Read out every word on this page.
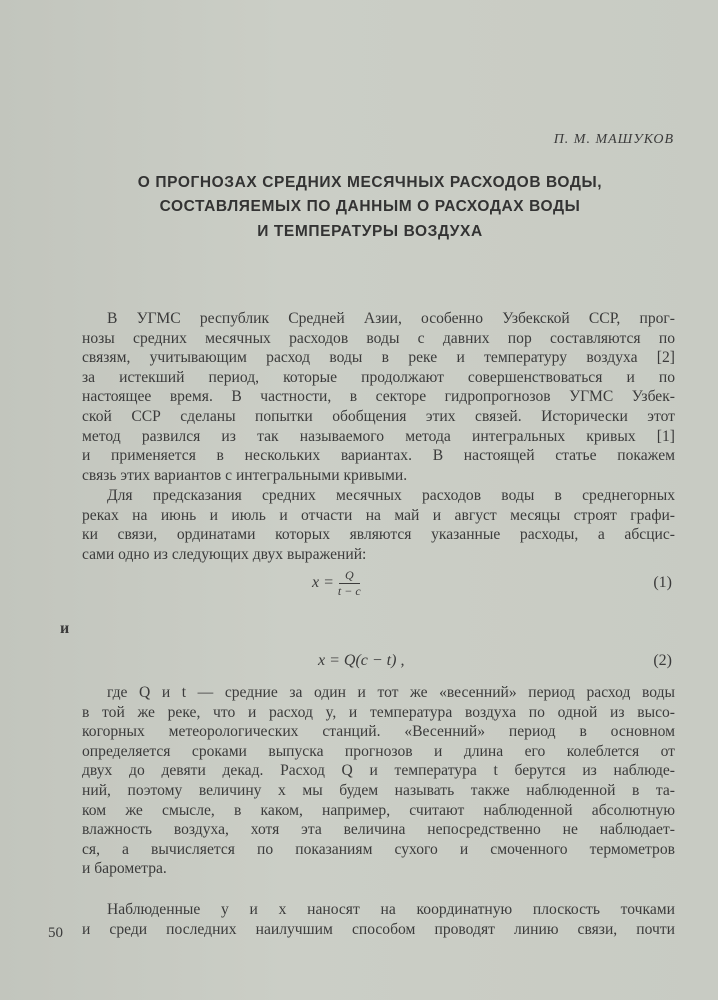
П. М. МАШУКОВ
О ПРОГНОЗАХ СРЕДНИХ МЕСЯЧНЫХ РАСХОДОВ ВОДЫ,
СОСТАВЛЯЕМЫХ ПО ДАННЫМ О РАСХОДАХ ВОДЫ
И ТЕМПЕРАТУРЫ ВОЗДУХА
В УГМС республик Средней Азии, особенно Узбекской ССР, прог-
нозы средних месячных расходов воды с давних пор составляются по
связям, учитывающим расход воды в реке и температуру воздуха [2]
за истекший период, которые продолжают совершенствоваться и по
настоящее время. В частности, в секторе гидропрогнозов УГМС Узбек-
ской ССР сделаны попытки обобщения этих связей. Исторически этот
метод развился из так называемого метода интегральных кривых [1]
и применяется в нескольких вариантах. В настоящей статье покажем
связь этих вариантов с интегральными кривыми.
Для предсказания средних месячных расходов воды в среднегорных
реках на июнь и июль и отчасти на май и август месяцы строят графи-
ки связи, ординатами которых являются указанные расходы, а абсцис-
сами одно из следующих двух выражений:
$x = \frac{Q}{t - c}$	(1)
и
x = Q(c − t) ,	(2)
где Q и t — средние за один и тот же «весенний» период расход воды
в той же реке, что и расход y, и температура воздуха по одной из высо-
когорных метеорологических станций. «Весенний» период в основном
определяется сроками выпуска прогнозов и длина его колеблется от
двух до девяти декад. Расход Q и температура t берутся из наблюде-
ний, поэтому величину x мы будем называть также наблюденной в та-
ком же смысле, в каком, например, считают наблюденной абсолютную
влажность воздуха, хотя эта величина непосредственно не наблюдает-
ся, а вычисляется по показаниям сухого и смоченного термометров
и барометра.
Наблюденные y и x наносят на координатную плоскость точками
и среди последних наилучшим способом проводят линию связи, почти
50
